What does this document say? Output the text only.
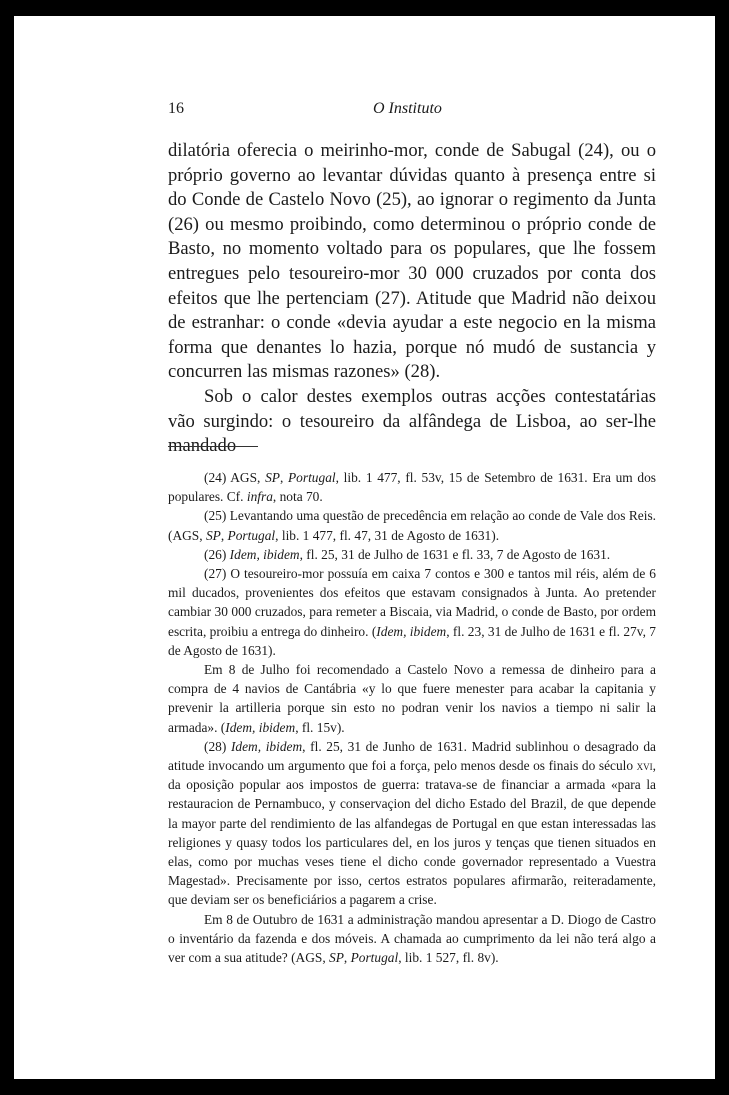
16	O Instituto

dilatória oferecia o meirinho-mor, conde de Sabugal (24), ou o próprio governo ao levantar dúvidas quanto à presença entre si do Conde de Castelo Novo (25), ao ignorar o regimento da Junta (26) ou mesmo proibindo, como determinou o próprio conde de Basto, no momento voltado para os populares, que lhe fossem entregues pelo tesoureiro-mor 30 000 cruzados por conta dos efeitos que lhe pertenciam (27). Atitude que Madrid não deixou de estranhar: o conde «devia ayudar a este negocio en la misma forma que denantes lo hazia, porque nó mudó de sustancia y concurren las mismas razones» (28).

Sob o calor destes exemplos outras acções contestatárias vão surgindo: o tesoureiro da alfândega de Lisboa, ao ser-lhe mandado

(24) AGS, SP, Portugal, lib. 1 477, fl. 53v, 15 de Setembro de 1631. Era um dos populares. Cf. infra, nota 70.

(25) Levantando uma questão de precedência em relação ao conde de Vale dos Reis. (AGS, SP, Portugal, lib. 1 477, fl. 47, 31 de Agosto de 1631).

(26) Idem, ibidem, fl. 25, 31 de Julho de 1631 e fl. 33, 7 de Agosto de 1631.

(27) O tesoureiro-mor possuía em caixa 7 contos e 300 e tantos mil réis, além de 6 mil ducados, provenientes dos efeitos que estavam consignados à Junta. Ao pretender cambiar 30 000 cruzados, para remeter a Biscaia, via Madrid, o conde de Basto, por ordem escrita, proibiu a entrega do dinheiro. (Idem, ibidem, fl. 23, 31 de Julho de 1631 e fl. 27v, 7 de Agosto de 1631).

Em 8 de Julho foi recomendado a Castelo Novo a remessa de dinheiro para a compra de 4 navios de Cantábria «y lo que fuere menester para acabar la capitania y prevenir la artilleria porque sin esto no podran venir los navios a tiempo ni salir la armada». (Idem, ibidem, fl. 15v).

(28) Idem, ibidem, fl. 25, 31 de Junho de 1631. Madrid sublinhou o desagrado da atitude invocando um argumento que foi a força, pelo menos desde os finais do século xvi, da oposição popular aos impostos de guerra: tratava-se de financiar a armada «para la restauracion de Pernambuco, y conservaçion del dicho Estado del Brazil, de que depende la mayor parte del rendimiento de las alfandegas de Portugal en que estan interessadas las religiones y quasy todos los particulares del, en los juros y tenças que tienen situados en elas, como por muchas veses tiene el dicho conde governador representado a Vuestra Magestad». Precisamente por isso, certos estratos populares afirmarão, reiteradamente, que deviam ser os beneficiários a pagarem a crise.

Em 8 de Outubro de 1631 a administração mandou apresentar a D. Diogo de Castro o inventário da fazenda e dos móveis. A chamada ao cumprimento da lei não terá algo a ver com a sua atitude? (AGS, SP, Portugal, lib. 1 527, fl. 8v).
